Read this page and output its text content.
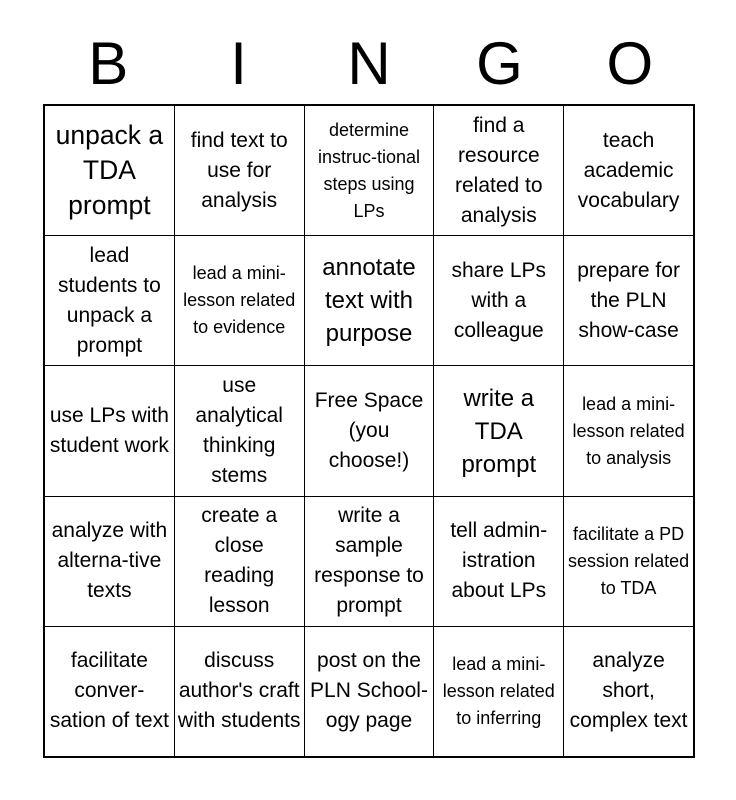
B	I	N	G	O
unpack a TDA prompt
find text to use for analysis
determine instruc-tional steps using LPs
find a resource related to analysis
teach academic vocabulary
lead students to unpack a prompt
lead a mini-lesson related to evidence
annotate text with purpose
share LPs with a colleague
prepare for the PLN show-case
use LPs with student work
use analytical thinking stems
Free Space (you choose!)
write a TDA prompt
lead a mini-lesson related to analysis
analyze with alterna-tive texts
create a close reading lesson
write a sample response to prompt
tell admin-istration about LPs
facilitate a PD session related to TDA
facilitate conver-sation of text
discuss author's craft with students
post on the PLN School-ogy page
lead a mini-lesson related to inferring
analyze short, complex text
